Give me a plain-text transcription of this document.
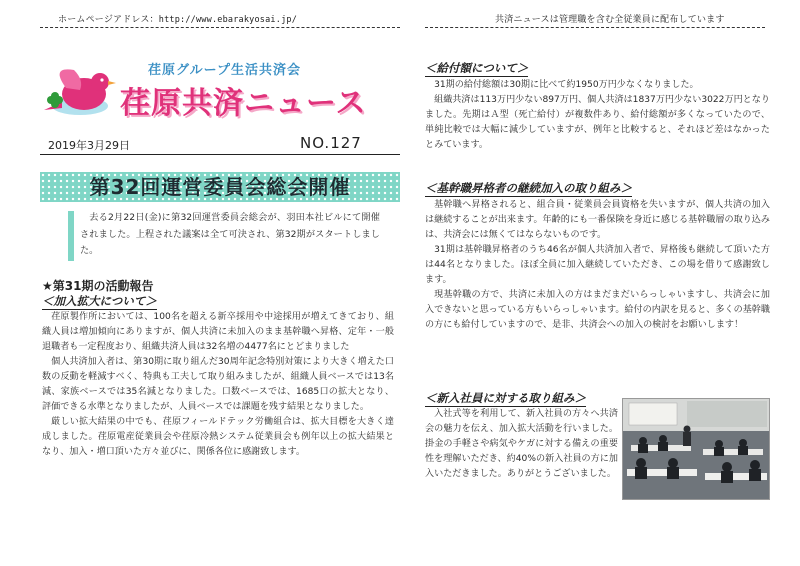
ホームページアドレス：http://www.ebarakyosai.jp/	共済ニュースは管理職を含む全従業員に配布しています
荏原グループ生活共済会
荏原共済ニュース
2019年3月29日	NO.127
第32回運営委員会総会開催
去る2月22日(金)に第32回運営委員会総会が、羽田本社ビルにて開催されました。上程された議案は全て可決され、第32期がスタートしました。
★第31期の活動報告
＜加入拡大について＞

荏原製作所においては、100名を超える新卒採用や中途採用が増えてきており、組織人員は増加傾向にありますが、個人共済に未加入のまま基幹職へ昇格、定年・一般退職者も一定程度おり、組織共済人員は32名増の4477名にとどまりました

個人共済加入者は、第30期に取り組んだ30周年記念特別対策により大きく増えた口数の反動を軽減すべく、特典も工夫して取り組みましたが、組織人員ベースでは13名減、家族ベースでは35名減となりました。口数ベースでは、1685口の拡大となり、評価できる水準となりましたが、人員ベースでは課題を残す結果となりました。

厳しい拡大結果の中でも、荏原フィールドテック労働組合は、拡大目標を大きく達成しました。荏原電産従業員会や荏原冷熱システム従業員会も例年以上の拡大結果となり、加入・増口頂いた方々並びに、関係各位に感謝致します。

＜給付額について＞

31期の給付総額は30期に比べて約1950万円少なくなりました。

組織共済は113万円少ない897万円、個人共済は1837万円少ない3022万円となりました。先期はＡ型（死亡給付）が複数件あり、給付総額が多くなっていたので、単純比較では大幅に減少していますが、例年と比較すると、それほど差はなかったとみています。

＜基幹職昇格者の継続加入の取り組み＞

基幹職へ昇格されると、組合員・従業員会員資格を失いますが、個人共済の加入は継続することが出来ます。年齢的にも一番保険を身近に感じる基幹職層の取り込みは、共済会には無くてはならないものです。

31期は基幹職昇格者のうち46名が個人共済加入者で、昇格後も継続して頂いた方は44名となりました。ほぼ全員に加入継続していただき、この場を借りて感謝致します。

現基幹職の方で、共済に未加入の方はまだまだいらっしゃいますし、共済会に加入できないと思っている方もいらっしゃいます。給付の内訳を見ると、多くの基幹職の方にも給付していますので、是非、共済会への加入の検討をお願いします！

＜新入社員に対する取り組み＞

入社式等を利用して、新入社員の方々へ共済会の魅力を伝え、加入拡大活動を行いました。掛金の手軽さや病気やケガに対する備えの重要性を理解いただき、約40%の新入社員の方に加入いただきました。ありがとうございました。
